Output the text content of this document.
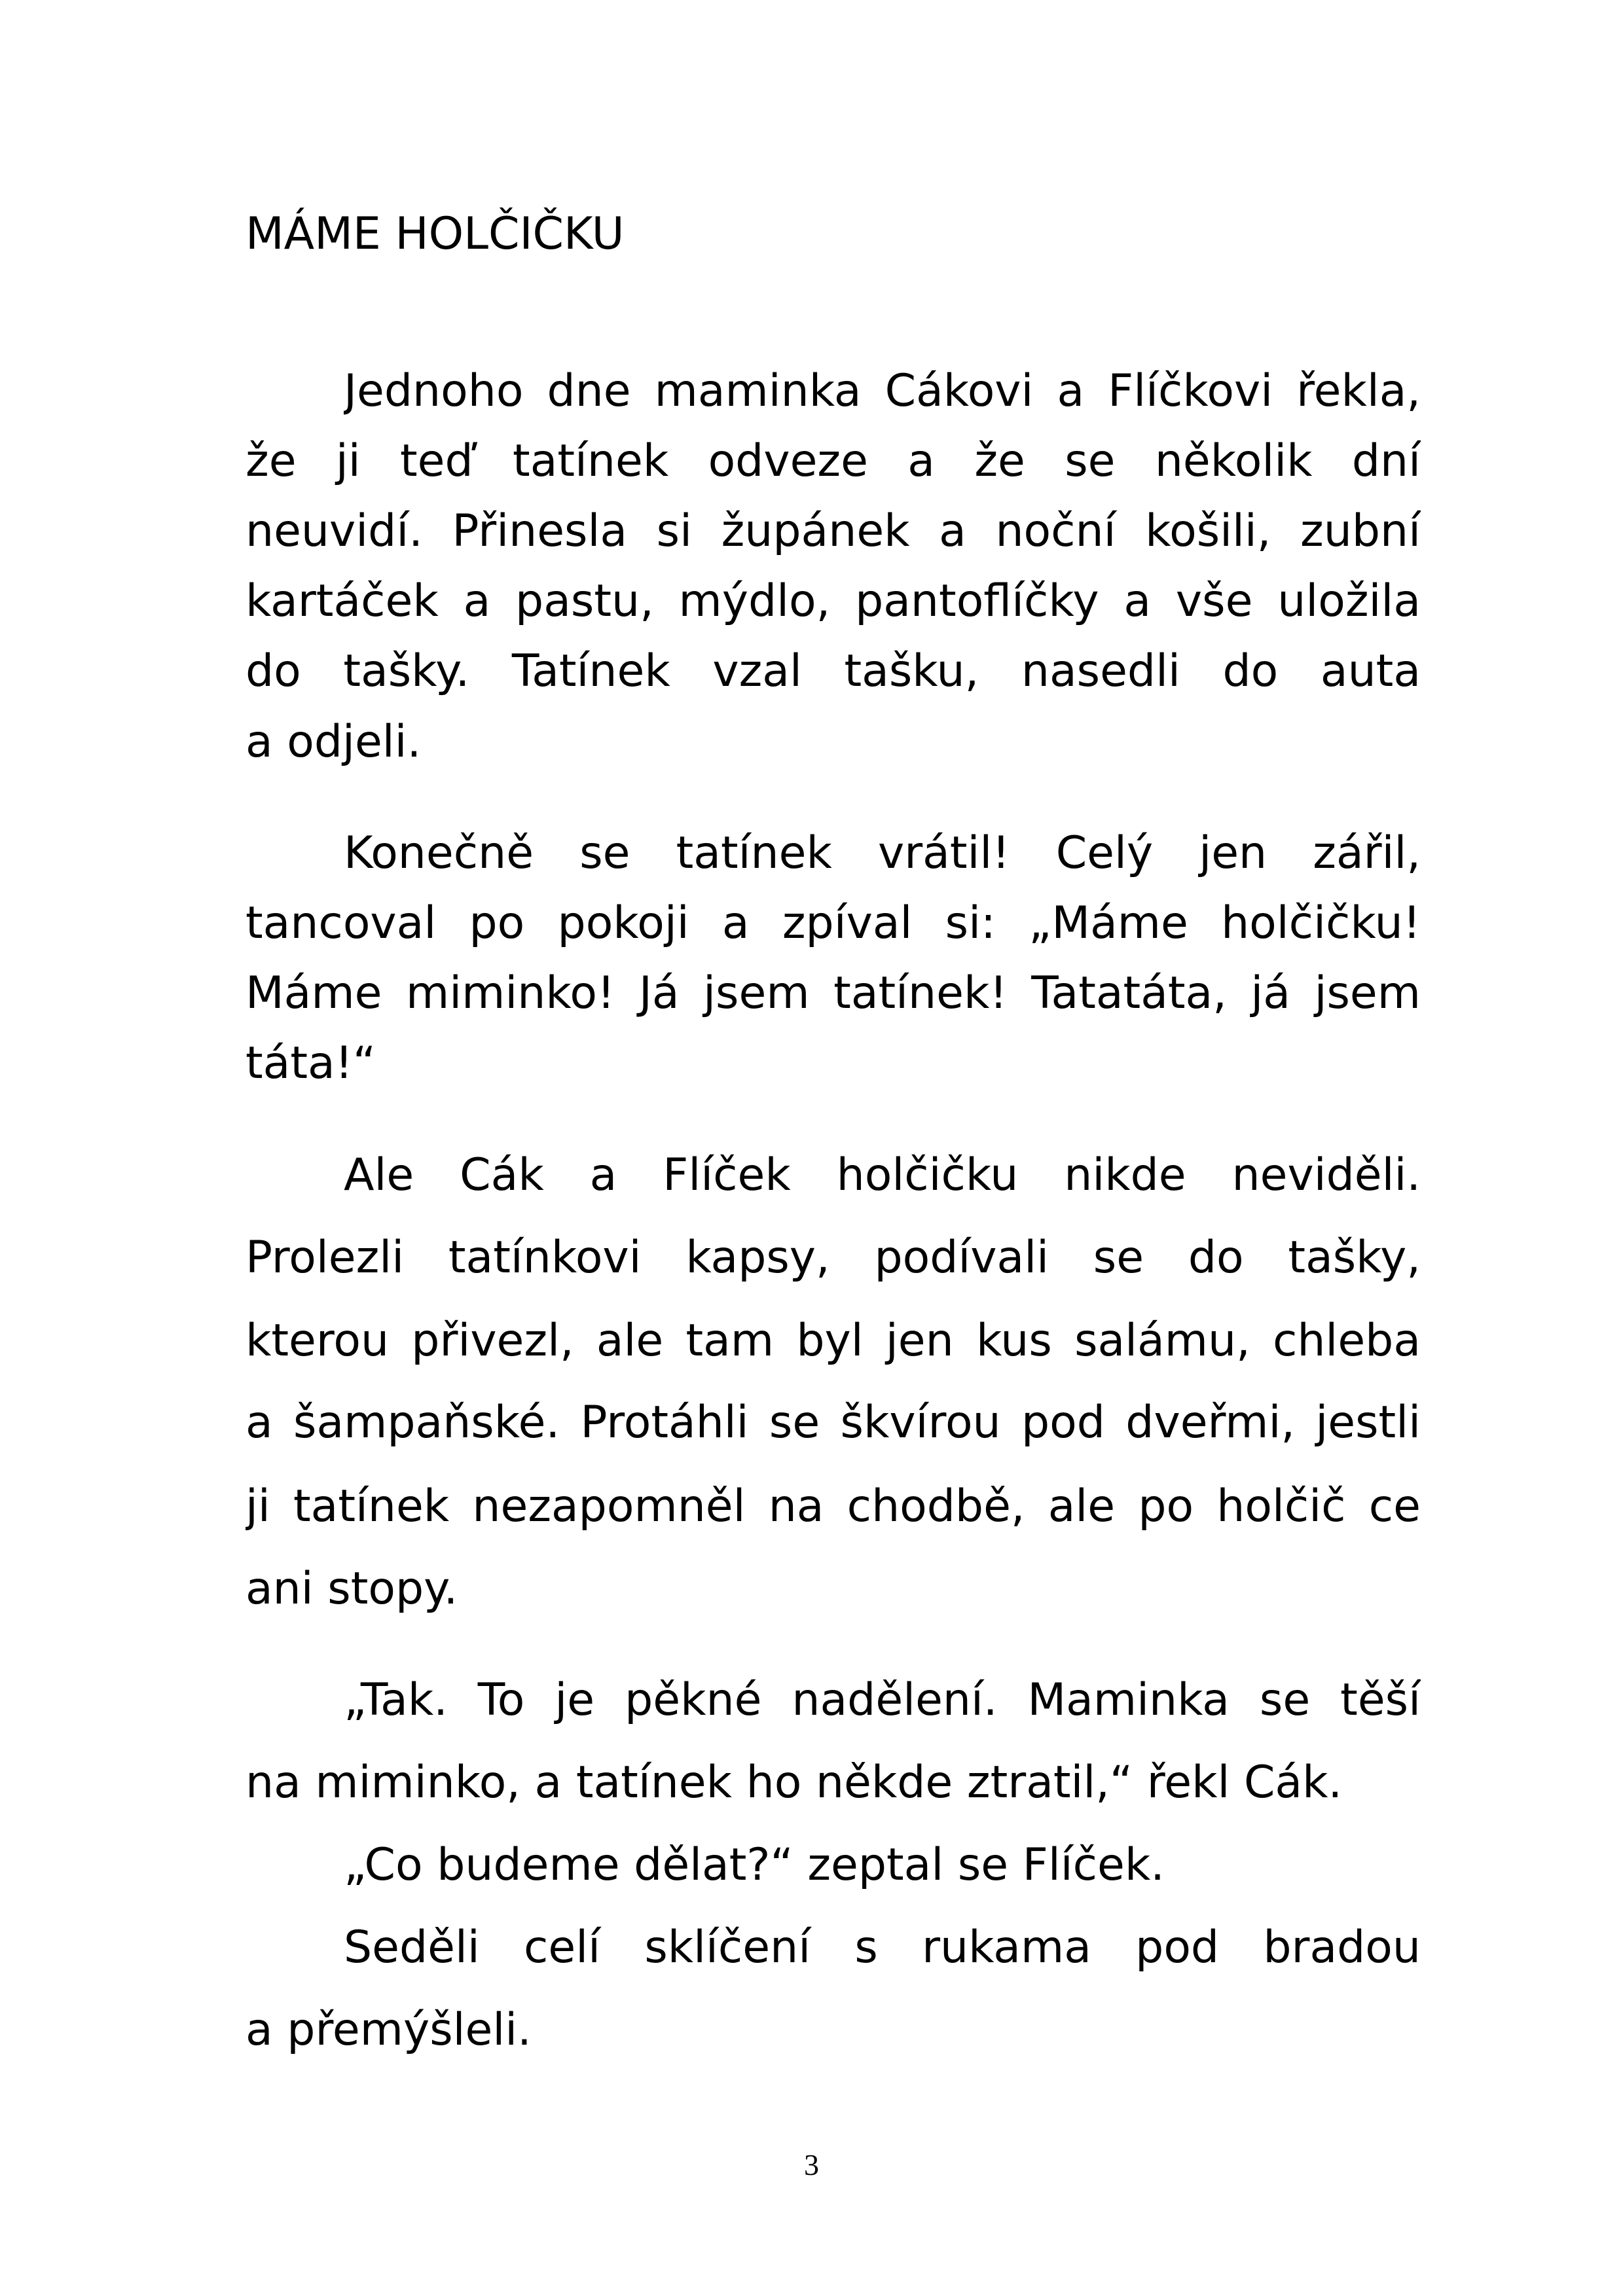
MÁME HOLČIČKU
Jednoho dne maminka Cákovi a Flíčkovi řekla,
že ji teď tatínek odveze a že se několik dní
neuvidí. Přinesla si župánek a noční košili, zubní
kartáček a pastu, mýdlo, pantoflíčky a vše uložila
do tašky. Tatínek vzal tašku, nasedli do auta
a odjeli.
Konečně se tatínek vrátil! Celý jen zářil,
tancoval po pokoji a zpíval si: „Máme holčičku!
Máme miminko! Já jsem tatínek! Tatatáta, já jsem
táta!“
Ale Cák a Flíček holčičku nikde neviděli.
Prolezli tatínkovi kapsy, podívali se do tašky,
kterou přivezl, ale tam byl jen kus salámu, chleba
a šampaňské. Protáhli se škvírou pod dveřmi, jestli
ji tatínek nezapomněl na chodbě, ale po holčič ce
ani stopy.
„Tak. To je pěkné nadělení. Maminka se těší
na miminko, a tatínek ho někde ztratil,“ řekl Cák.
„Co budeme dělat?“ zeptal se Flíček.
Seděli celí sklíčení s rukama pod bradou
a přemýšleli.
3
